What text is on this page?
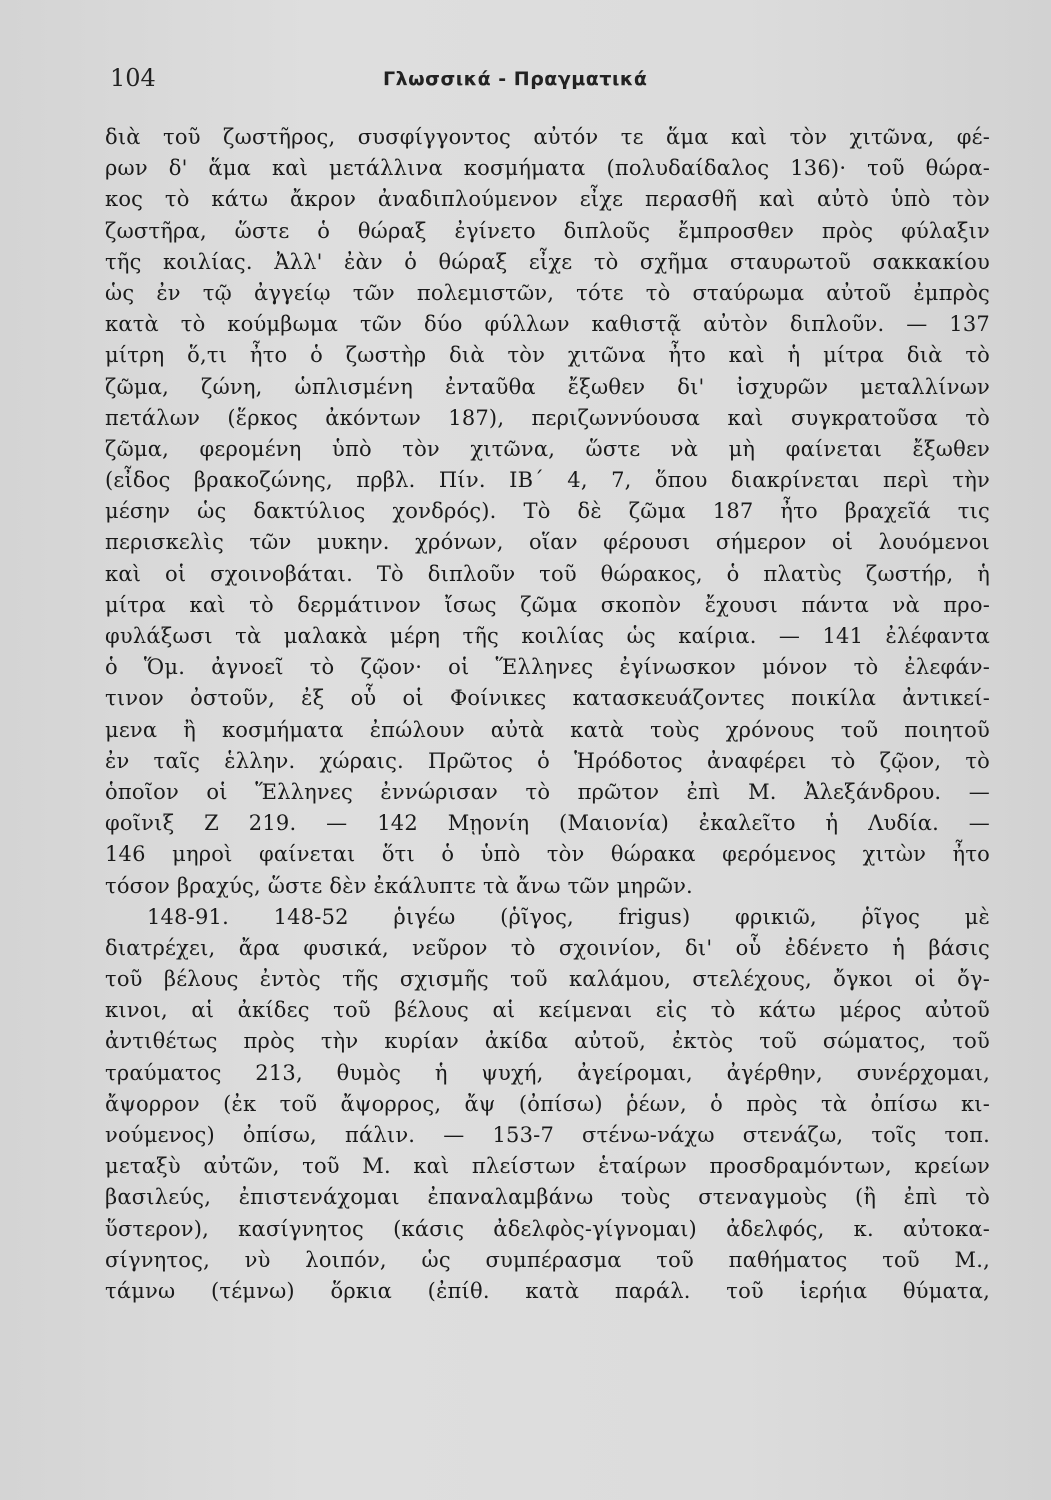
104	Γλωσσικά - Πραγματικά
διὰ τοῦ ζωστῆρος, συσφίγγοντος αὐτόν τε ἅμα καὶ τὸν χιτῶνα, φέ-
ρων δ' ἅμα καὶ μετάλλινα κοσμήματα (πολυδαίδαλος 136)· τοῦ θώρα-
κος τὸ κάτω ἄκρον ἀναδιπλούμενον εἶχε περασθῆ καὶ αὐτὸ ὑπὸ τὸν
ζωστῆρα, ὥστε ὁ θώραξ ἐγίνετο διπλοῦς ἔμπροσθεν πρὸς φύλαξιν
τῆς κοιλίας. Ἀλλ' ἐὰν ὁ θώραξ εἶχε τὸ σχῆμα σταυρωτοῦ σακκακίου
ὡς ἐν τῷ ἀγγείῳ τῶν πολεμιστῶν, τότε τὸ σταύρωμα αὐτοῦ ἐμπρὸς
κατὰ τὸ κούμβωμα τῶν δύο φύλλων καθιστᾷ αὐτὸν διπλοῦν. — 137
μίτρη ὅ,τι ἦτο ὁ ζωστὴρ διὰ τὸν χιτῶνα ἦτο καὶ ἡ μίτρα διὰ τὸ
ζῶμα, ζώνη, ὡπλισμένη ἐνταῦθα ἔξωθεν δι' ἰσχυρῶν μεταλλίνων
πετάλων (ἕρκος ἀκόντων 187), περιζωννύουσα καὶ συγκρατοῦσα τὸ
ζῶμα, φερομένη ὑπὸ τὸν χιτῶνα, ὥστε νὰ μὴ φαίνεται ἔξωθεν
(εἶδος βρακοζώνης, πρβλ. Πίν. ΙΒ΄ 4, 7, ὅπου διακρίνεται περὶ τὴν
μέσην ὡς δακτύλιος χονδρός). Τὸ δὲ ζῶμα 187 ἦτο βραχεῖά τις
περισκελὶς τῶν μυκην. χρόνων, οἵαν φέρουσι σήμερον οἱ λουόμενοι
καὶ οἱ σχοινοβάται. Τὸ διπλοῦν τοῦ θώρακος, ὁ πλατὺς ζωστήρ, ἡ
μίτρα καὶ τὸ δερμάτινον ἴσως ζῶμα σκοπὸν ἔχουσι πάντα νὰ προ-
φυλάξωσι τὰ μαλακὰ μέρη τῆς κοιλίας ὡς καίρια. — 141 ἐλέφαντα
ὁ Ὅμ. ἀγνοεῖ τὸ ζῷον· οἱ Ἕλληνες ἐγίνωσκον μόνον τὸ ἐλεφάν-
τινον ὀστοῦν, ἐξ οὗ οἱ Φοίνικες κατασκευάζοντες ποικίλα ἀντικεί-
μενα ἢ κοσμήματα ἐπώλουν αὐτὰ κατὰ τοὺς χρόνους τοῦ ποιητοῦ
ἐν ταῖς ἑλλην. χώραις. Πρῶτος ὁ Ἡρόδοτος ἀναφέρει τὸ ζῷον, τὸ
ὁποῖον οἱ Ἕλληνες ἐννώρισαν τὸ πρῶτον ἐπὶ Μ. Ἀλεξάνδρου. —
φοῖνιξ Ζ 219. — 142 Μῃονίη (Μαιονία) ἐκαλεῖτο ἡ Λυδία. —
146 μηροὶ φαίνεται ὅτι ὁ ὑπὸ τὸν θώρακα φερόμενος χιτὼν ἦτο
τόσον βραχύς, ὥστε δὲν ἐκάλυπτε τὰ ἄνω τῶν μηρῶν.
148-91. 148-52 ῥιγέω (ῥῖγος, frigus) φρικιῶ, ῥῖγος μὲ
διατρέχει, ἄρα φυσικά, νεῦρον τὸ σχοινίον, δι' οὗ ἐδένετο ἡ βάσις
τοῦ βέλους ἐντὸς τῆς σχισμῆς τοῦ καλάμου, στελέχους, ὄγκοι οἱ ὄγ-
κινοι, αἱ ἀκίδες τοῦ βέλους αἱ κείμεναι εἰς τὸ κάτω μέρος αὐτοῦ
ἀντιθέτως πρὸς τὴν κυρίαν ἀκίδα αὐτοῦ, ἐκτὸς τοῦ σώματος, τοῦ
τραύματος 213, θυμὸς ἡ ψυχή, ἀγείρομαι, ἀγέρθην, συνέρχομαι,
ἄψορρον (ἐκ τοῦ ἄψορρος, ἄψ (ὀπίσω) ῥέων, ὁ πρὸς τὰ ὀπίσω κι-
νούμενος) ὀπίσω, πάλιν. — 153-7 στένω-νάχω στενάζω, τοῖς τοπ.
μεταξὺ αὐτῶν, τοῦ Μ. καὶ πλείστων ἑταίρων προσδραμόντων, κρείων
βασιλεύς, ἐπιστενάχομαι ἐπαναλαμβάνω τοὺς στεναγμοὺς (ἢ ἐπὶ τὸ
ὕστερον), κασίγνητος (κάσις ἀδελφὸς-γίγνομαι) ἀδελφός, κ. αὐτοκα-
σίγνητος, νὺ λοιπόν, ὡς συμπέρασμα τοῦ παθήματος τοῦ Μ.,
τάμνω (τέμνω) ὅρκια (ἐπίθ. κατὰ παράλ. τοῦ ἱερήια θύματα,
